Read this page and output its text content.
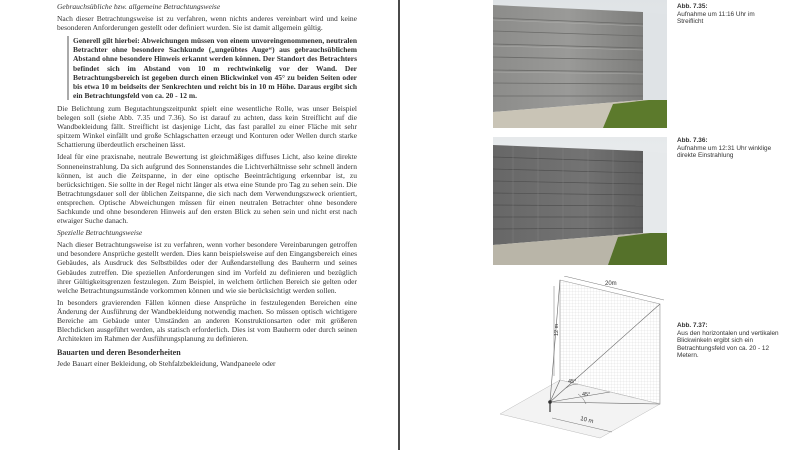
Gebrauchsübliche bzw. allgemeine Betrachtungsweise

Nach dieser Betrachtungsweise ist zu verfahren, wenn nichts anderes vereinbart wird und keine besonderen Anforderungen gestellt oder definiert wurden. Sie ist damit allgemein gültig.

Generell gilt hierbei: Abweichungen müssen von einem unvoreingenommenen, neutralen Betrachter ohne besondere Sachkunde („ungeübtes Auge“) aus gebrauchsüblichem Abstand ohne besondere Hinweis erkannt werden können. Der Standort des Betrachters befindet sich im Abstand von 10 m rechtwinkelig vor der Wand. Der Betrachtungsbereich ist gegeben durch einen Blickwinkel von 45° zu beiden Seiten oder bis etwa 10 m beidseits der Senkrechten und reicht bis in 10 m Höhe. Daraus ergibt sich ein Betrachtungsfeld von ca. 20 - 12 m.

Die Belichtung zum Begutachtungszeitpunkt spielt eine wesentliche Rolle, was unser Beispiel belegen soll (siehe Abb. 7.35 und 7.36). So ist darauf zu achten, dass kein Streiflicht auf die Wandbekleidung fällt. Streiflicht ist dasjenige Licht, das fast parallel zu einer Fläche mit sehr spitzem Winkel einfällt und große Schlagschatten erzeugt und Konturen oder Wellen durch starke Schattierung überdeutlich erscheinen lässt.

Ideal für eine praxisnahe, neutrale Bewertung ist gleichmäßiges diffuses Licht, also keine direkte Sonneneinstrahlung. Da sich aufgrund des Sonnenstandes die Lichtverhältnisse sehr schnell ändern können, ist auch die Zeitspanne, in der eine optische Beeinträchtigung erkennbar ist, zu berücksichtigen. Sie sollte in der Regel nicht länger als etwa eine Stunde pro Tag zu sehen sein. Die Betrachtungsdauer soll der üblichen Zeitspanne, die sich nach dem Verwendungszweck orientiert, entsprechen. Optische Abweichungen müssen für einen neutralen Betrachter ohne besondere Sachkunde und ohne besonderen Hinweis auf den ersten Blick zu sehen sein und nicht erst nach etwaiger Suche danach.

Spezielle Betrachtungsweise

Nach dieser Betrachtungsweise ist zu verfahren, wenn vorher besondere Vereinbarungen getroffen und besondere Ansprüche gestellt werden. Dies kann beispielsweise auf den Eingangsbereich eines Gebäudes, als Ausdruck des Selbstbildes oder der Außendarstellung des Bauherrn und seines Gebäudes zutreffen. Die speziellen Anforderungen sind im Vorfeld zu definieren und bezüglich ihrer Gültigkeitsgrenzen festzulegen. Zum Beispiel, in welchem örtlichen Bereich sie gelten oder welche Betrachtungsumstände vorkommen können und wie sie berücksichtigt werden sollen.

In besonders gravierenden Fällen können diese Ansprüche in festzulegenden Bereichen eine Änderung der Ausführung der Wandbekleidung notwendig machen. So müssen optisch wichtigere Bereiche am Gebäude unter Umständen an anderen Konstruktionsarten oder mit größeren Blechdicken ausgeführt werden, als statisch erforderlich. Dies ist vom Bauherrn oder durch seinen Architekten im Rahmen der Ausführungsplanung zu definieren.

Bauarten und deren Besonderheiten

Jede Bauart einer Bekleidung, ob Stehfalzbekleidung, Wandpaneele oder

Abb. 7.35:
Aufnahme um 11:16 Uhr im Streiflicht
Abb. 7.36:
Aufnahme um 12:31 Uhr winklige direkte Einstrahlung
20m
12 m
45°
45°
10 m
Abb. 7.37:
Aus den horizontalen und vertikalen Blickwinkeln ergibt sich ein Betrachtungsfeld von ca. 20 - 12 Metern.
